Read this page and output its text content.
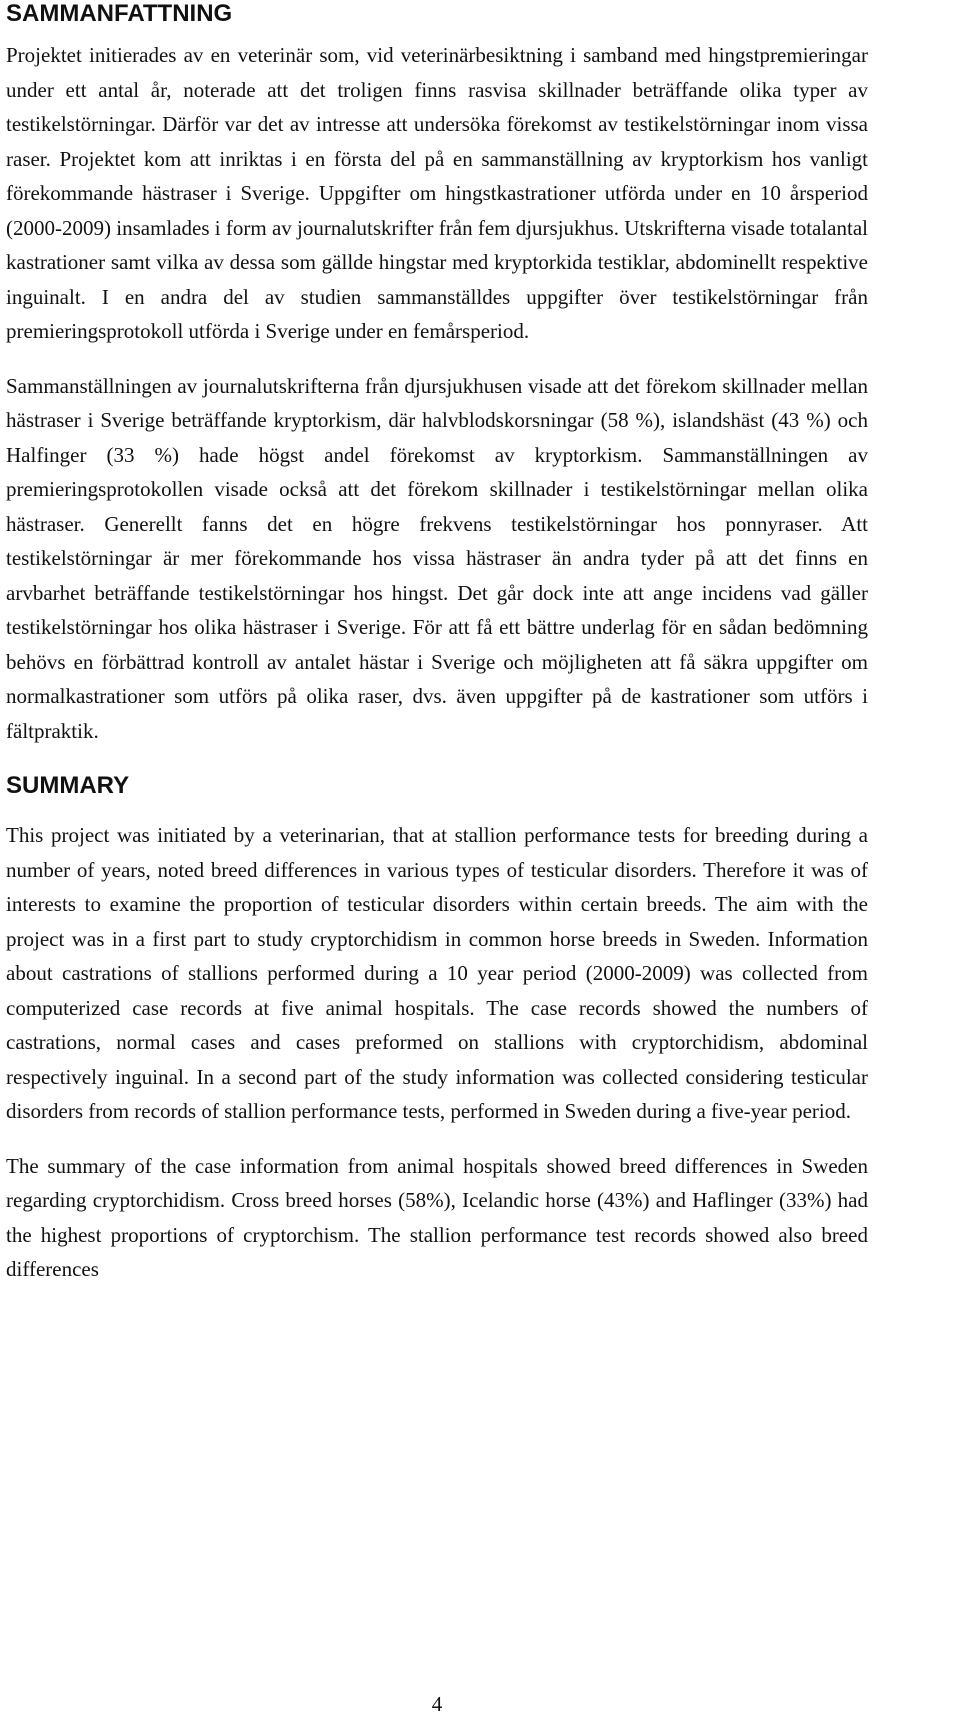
SAMMANFATTNING

Projektet initierades av en veterinär som, vid veterinärbesiktning i samband med hingstpremieringar under ett antal år, noterade att det troligen finns rasvisa skillnader beträffande olika typer av testikelstörningar. Därför var det av intresse att undersöka förekomst av testikelstörningar inom vissa raser. Projektet kom att inriktas i en första del på en sammanställning av kryptorkism hos vanligt förekommande hästraser i Sverige. Uppgifter om hingstkastrationer utförda under en 10 årsperiod (2000-2009) insamlades i form av journalutskrifter från fem djursjukhus. Utskrifterna visade totalantal kastrationer samt vilka av dessa som gällde hingstar med kryptorkida testiklar, abdominellt respektive inguinalt. I en andra del av studien sammanställdes uppgifter över testikelstörningar från premieringsprotokoll utförda i Sverige under en femårsperiod.

Sammanställningen av journalutskrifterna från djursjukhusen visade att det förekom skillnader mellan hästraser i Sverige beträffande kryptorkism, där halvblodskorsningar (58 %), islandshäst (43 %) och Halfinger (33 %) hade högst andel förekomst av kryptorkism. Sammanställningen av premieringsprotokollen visade också att det förekom skillnader i testikelstörningar mellan olika hästraser. Generellt fanns det en högre frekvens testikelstörningar hos ponnyraser. Att testikelstörningar är mer förekommande hos vissa hästraser än andra tyder på att det finns en arvbarhet beträffande testikelstörningar hos hingst. Det går dock inte att ange incidens vad gäller testikelstörningar hos olika hästraser i Sverige. För att få ett bättre underlag för en sådan bedömning behövs en förbättrad kontroll av antalet hästar i Sverige och möjligheten att få säkra uppgifter om normalkastrationer som utförs på olika raser, dvs. även uppgifter på de kastrationer som utförs i fältpraktik.

SUMMARY

This project was initiated by a veterinarian, that at stallion performance tests for breeding during a number of years, noted breed differences in various types of testicular disorders. Therefore it was of interests to examine the proportion of testicular disorders within certain breeds. The aim with the project was in a first part to study cryptorchidism in common horse breeds in Sweden. Information about castrations of stallions performed during a 10 year period (2000-2009) was collected from computerized case records at five animal hospitals. The case records showed the numbers of castrations, normal cases and cases preformed on stallions with cryptorchidism, abdominal respectively inguinal. In a second part of the study information was collected considering testicular disorders from records of stallion performance tests, performed in Sweden during a five-year period.

The summary of the case information from animal hospitals showed breed differences in Sweden regarding cryptorchidism. Cross breed horses (58%), Icelandic horse (43%) and Haflinger (33%) had the highest proportions of cryptorchism. The stallion performance test records showed also breed differences

4
